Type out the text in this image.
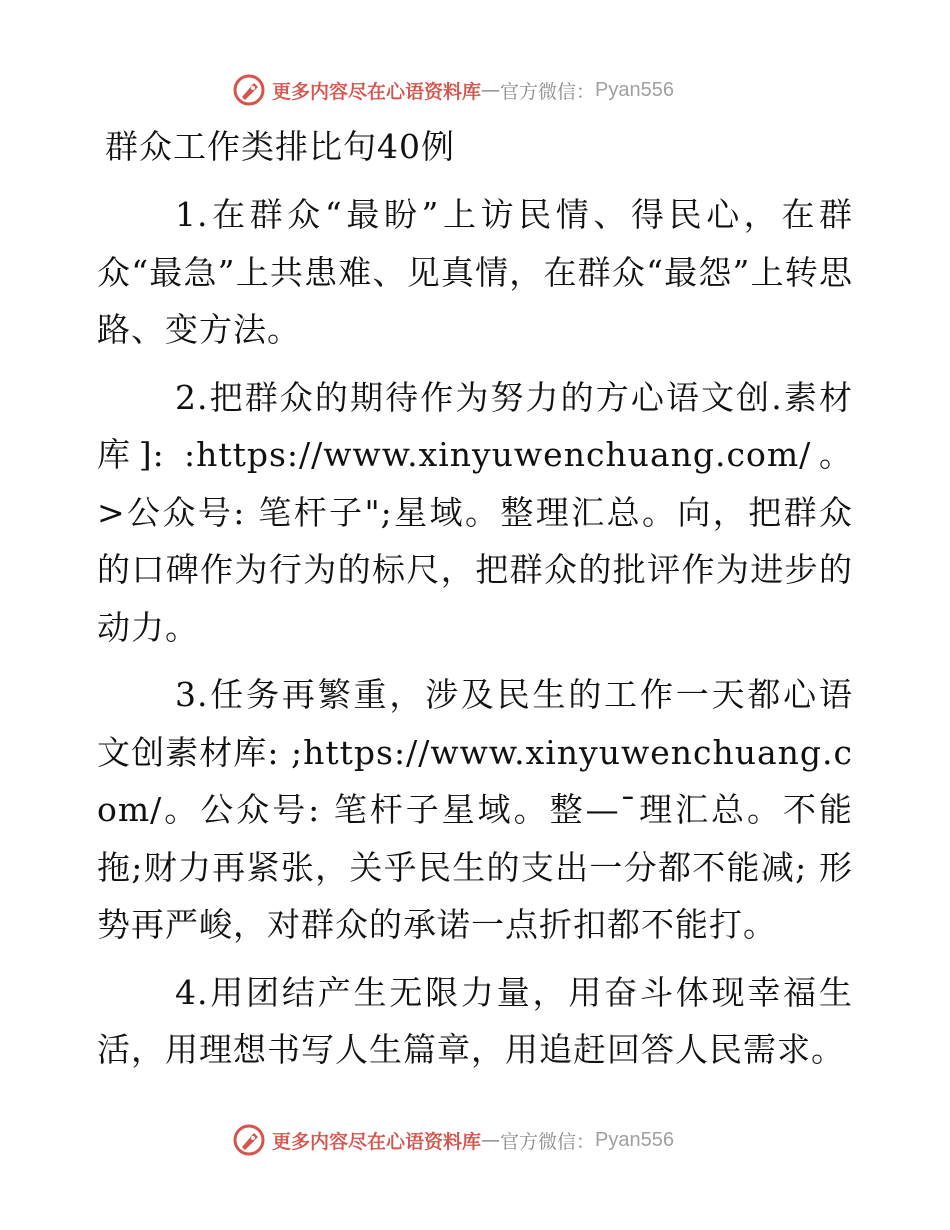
更多内容尽在心语资料库 — 官方微信： Pyan556
群众工作类排比句40例

1.在群众“最盼”上访民情、得民心，在群众“最急”上共患难、见真情，在群众“最怨”上转思路、变方法。

2.把群众的期待作为努力的方心语文创.素材库]: :https://www.xinyuwenchuang.com/。>公众号: 笔杆子";星域。整理汇总。向，把群众的口碑作为行为的标尺，把群众的批评作为进步的动力。

3.任务再繁重，涉及民生的工作一天都心语文创素材库: ;https://www.xinyuwenchuang.com/。公众号: 笔杆子星域。整—¯理汇总。不能拖;财力再紧张，关乎民生的支出一分都不能减; 形势再严峻，对群众的承诺一点折扣都不能打。

4.用团结产生无限力量，用奋斗体现幸福生活，用理想书写人生篇章，用追赶回答人民需求。

更多内容尽在心语资料库 — 官方微信： Pyan556
